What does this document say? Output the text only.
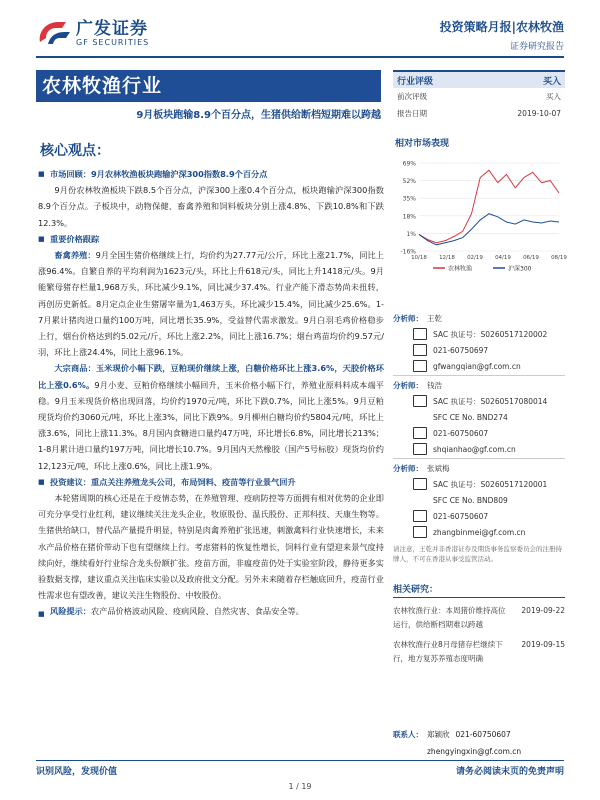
广发证券
GF SECURITIES
投资策略月报|农林牧渔
证券研究报告
农林牧渔行业
9月板块跑输8.9个百分点，生猪供给断档短期难以跨越
核心观点：

■ 市场回顾：9月农林牧渔板块跑输沪深300指数8.9个百分点

9月份农林牧渔板块下跌8.5个百分点，沪深300上涨0.4个百分点，板块跑输沪深300指数8.9个百分点。子板块中，动物保健、畜禽养殖和饲料板块分别上涨4.8%、下跌10.8%和下跌12.3%。

■ 重要价格跟踪

畜禽养殖：9月全国生猪价格继续上行，均价约为27.77元/公斤，环比上涨21.7%，同比上涨96.4%。自繁自养的平均利润为1623元/头，环比上升618元/头，同比上升1418元/头。9月能繁母猪存栏量1,968万头，环比减少9.1%，同比减少37.4%。行业产能下滑态势尚未扭转，再创历史新低。8月定点企业生猪屠宰量为1,463万头，环比减少15.4%，同比减少25.6%。1-7月累计猪肉进口量约100万吨，同比增长35.9%，受益替代需求激发。9月白羽毛鸡价格稳步上行，烟台价格达到约5.02元/斤，环比上涨2.2%，同比上涨16.7%；烟台鸡苗均价约9.57元/羽，环比上涨24.4%，同比上涨96.1%。

大宗商品：玉米现价小幅下跌，豆粕现价继续上涨，白糖价格环比上涨3.6%，天胶价格环比上涨0.6%。9月小麦、豆粕价格继续小幅回升，玉米价格小幅下行，养殖业原料料成本端平稳。9月玉米现货价格出现回落，均价约1970元/吨，环比下跌0.7%，同比上涨5%。9月豆粕现货均价约3060元/吨，环比上涨3%，同比下跌9%。9月柳州白糖均价约5804元/吨，环比上涨3.6%，同比上涨11.3%。8月国内食糖进口量约47万吨，环比增长6.8%，同比增长213%；1-8月累计进口量约197万吨，同比增长10.7%。9月国内天然橡胶（国产5号标胶）现货均价约12,123元/吨，环比上涨0.6%，同比上涨1.9%。

■ 投资建议：重点关注养殖龙头公司，布局饲料、疫苗等行业景气回升

本轮猪周期的核心还是在于疫情态势，在养殖管理、疫病防控等方面拥有相对优势的企业即可充分享受行业红利，建议继续关注龙头企业，牧原股份、温氏股份、正邦科技、天康生物等。生猪供给缺口，替代品产量提升明显，特别是肉禽养殖扩张迅速，刺激禽料行业快速增长，未来水产品价格在猪价带动下也有望继续上行。考虑猪料的恢复性增长，饲料行业有望迎来景气度持续向好，继续看好行业综合龙头份额扩张。疫苗方面，非瘟疫苗仍处于实验室阶段，静待更多实验数据支撑，建议重点关注临床实验以及政府批文分配。另外未来随着存栏触底回升，疫苗行业性需求也有望改善，建议关注生物股份、中牧股份。

■ 风险提示：农产品价格波动风险、疫病风险、自然灾害、食品安全等。

行业评级	买入
前次评级	买入
报告日期	2019-10-07
相对市场表现
-16%
1%
18%
35%
52%
69%
10/18 12/18 02/19 04/19 06/19 08/19
农林牧渔	沪深300
分析师： 王乾
SAC 执证号：S0260517120002
021-60750697
gfwangqian@gf.com.cn
分析师： 钱浩
SAC 执证号：S0260517080014
SFC CE No. BND274
021-60750607
shqianhao@gf.com.cn
分析师： 张斌梅
SAC 执证号：S0260517120001
SFC CE No. BND809
021-60750607
zhangbinmei@gf.com.cn
请注意，王乾并非香港证券及期货事务监察委员会的注册持牌人，不可在香港从事受监管活动。
相关研究：
农林牧渔行业：本周猪价维持高位运行，供给断档期难以跨越
2019-09-22
农林牧渔行业8月母猪存栏继续下行，地方复苏养殖态度明确
2019-09-15
联系人： 郑颖欣 021-60750607
zhengyingxin@gf.com.cn
识别风险，发现价值	请务必阅读末页的免责声明
1 / 19
